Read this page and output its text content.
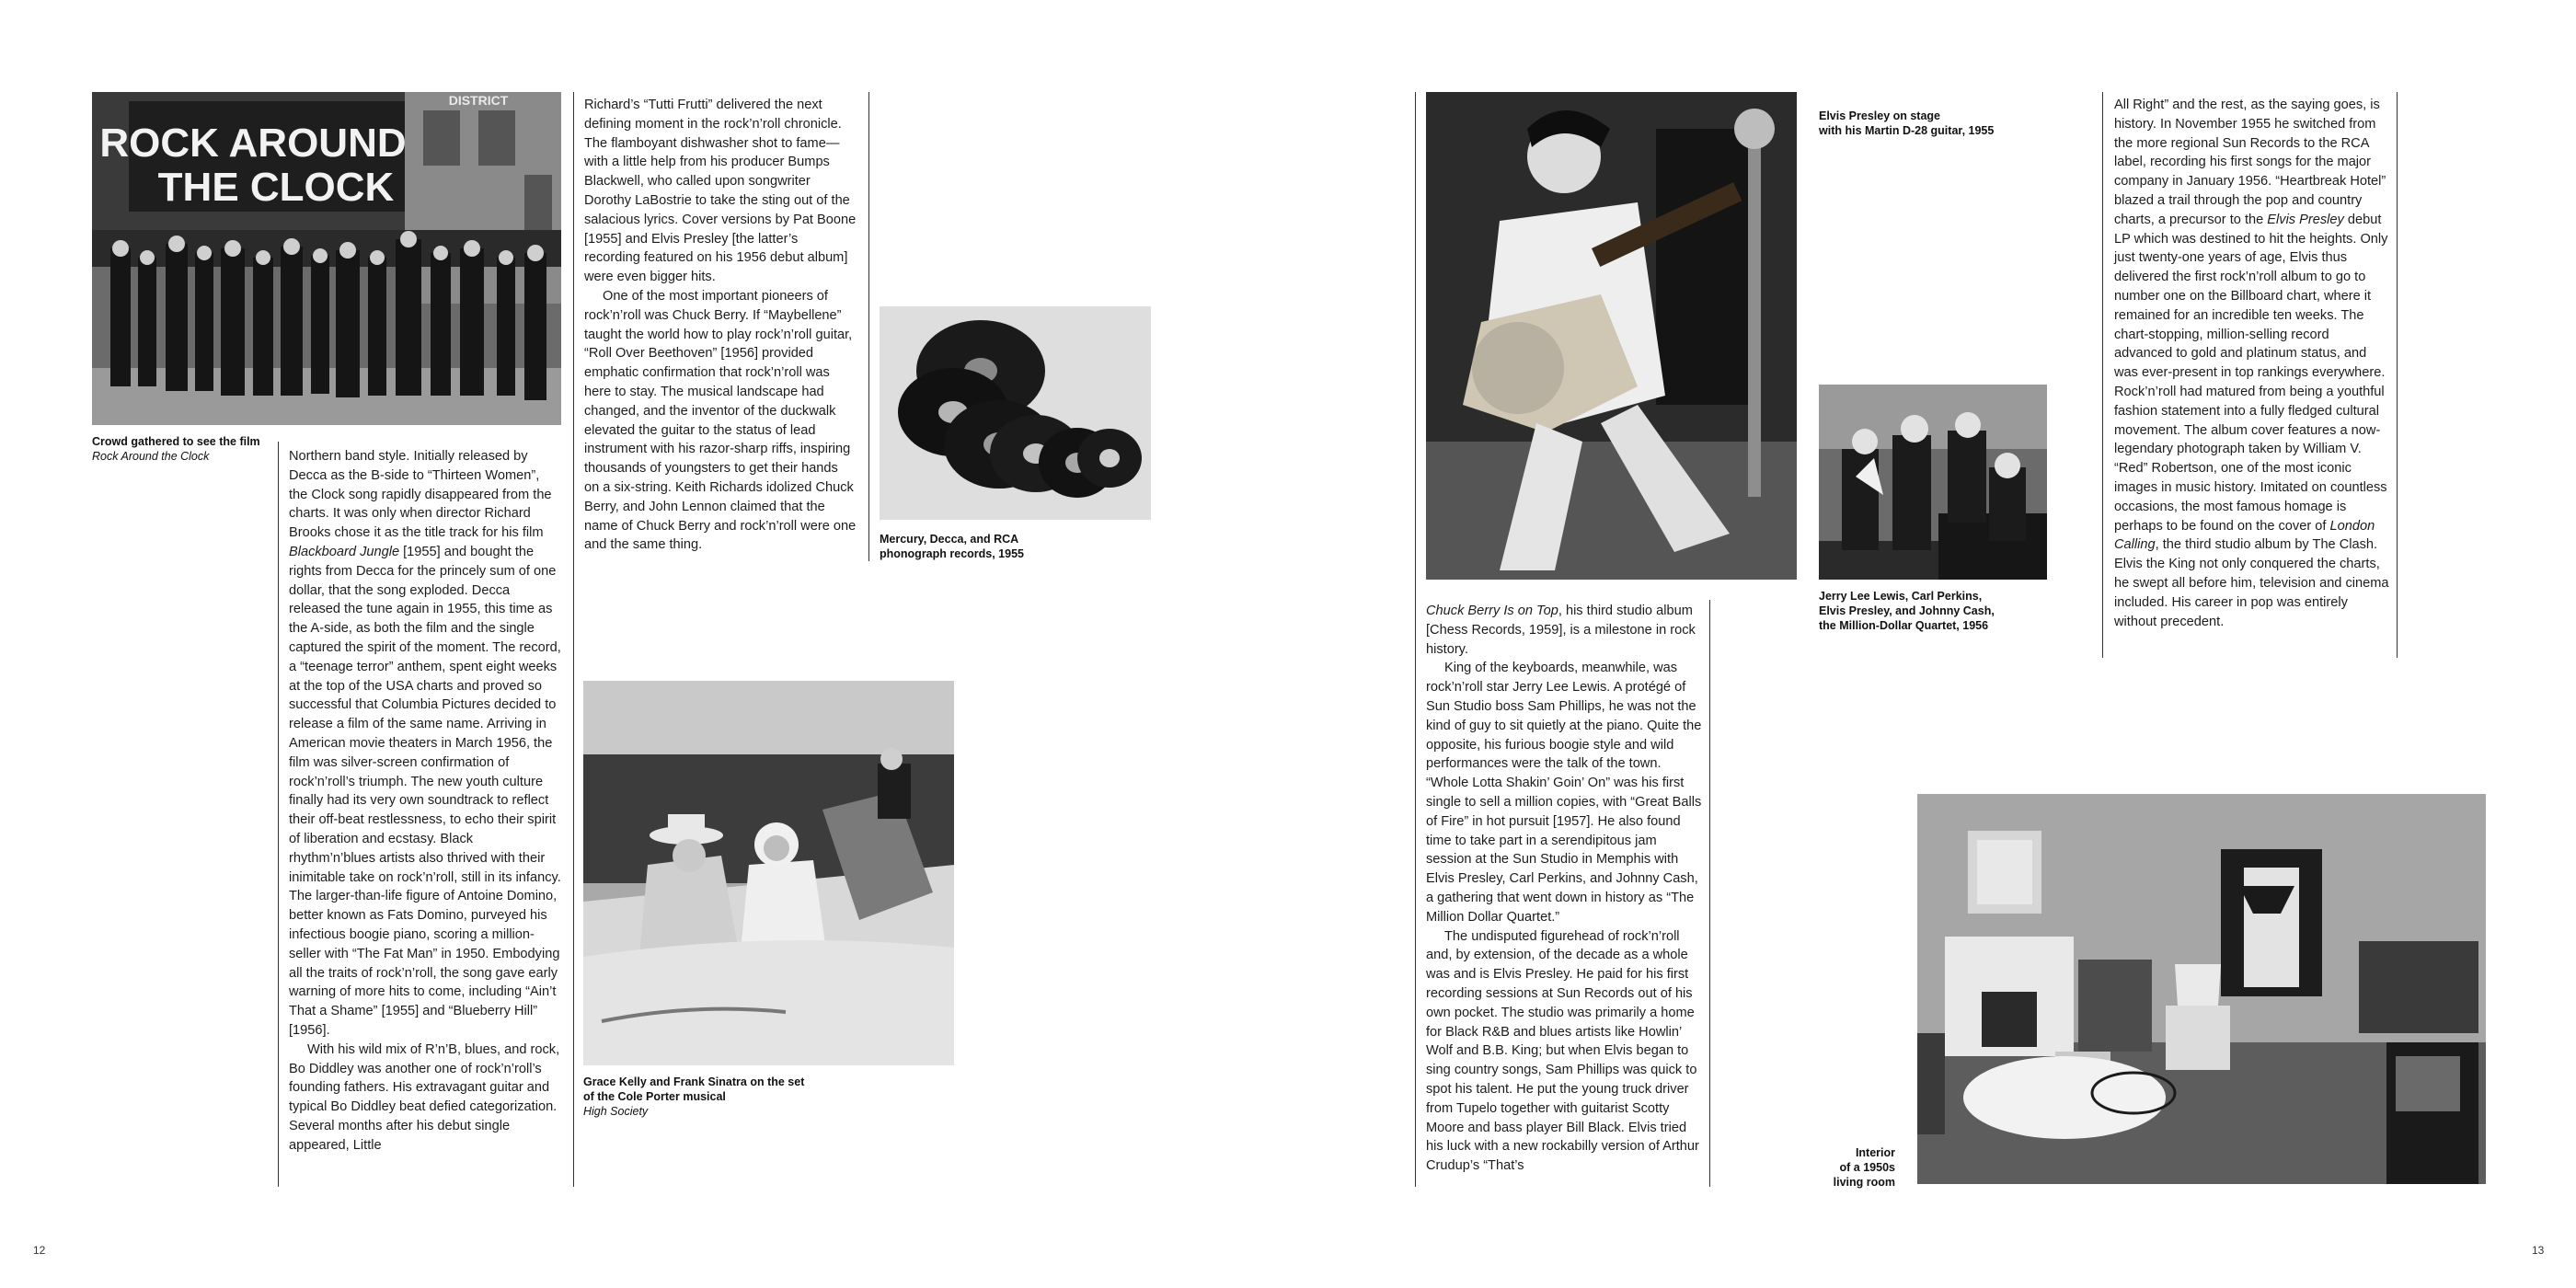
ROCK AROUND
THE CLOCK
DISTRICT
Crowd gathered to see the film
Rock Around the Clock	Northern band style. Initially released by Decca as the B-side to “Thirteen Women”, the Clock song rapidly disappeared from the charts. It was only when director Richard Brooks chose it as the title track for his film Blackboard Jungle [1955] and bought the rights from Decca for the princely sum of one dollar, that the song exploded. Decca released the tune again in 1955, this time as the A-side, as both the film and the single captured the spirit of the moment. The record, a “teenage terror” anthem, spent eight weeks at the top of the USA charts and proved so successful that Columbia Pictures decided to release a film of the same name. Arriving in American movie theaters in March 1956, the film was silver-screen confirmation of rock’n’roll’s triumph. The new youth culture finally had its very own soundtrack to reflect their off-beat restlessness, to echo their spirit of liberation and ecstasy. Black rhythm’n’blues artists also thrived with their inimitable take on rock’n’roll, still in its infancy. The larger-than-life figure of Antoine Domino, better known as Fats Domino, purveyed his infectious boogie piano, scoring a million-seller with “The Fat Man” in 1950. Embodying all the traits of rock’n’roll, the song gave early warning of more hits to come, including “Ain’t That a Shame” [1955] and “Blueberry Hill” [1956].

With his wild mix of R’n’B, blues, and rock, Bo Diddley was another one of rock’n’roll’s founding fathers. His extravagant guitar and typical Bo Diddley beat defied categorization. Several months after his debut single appeared, Little

Richard’s “Tutti Frutti” delivered the next defining moment in the rock’n’roll chronicle. The flamboyant dishwasher shot to fame—with a little help from his producer Bumps Blackwell, who called upon songwriter Dorothy LaBostrie to take the sting out of the salacious lyrics. Cover versions by Pat Boone [1955] and Elvis Presley [the latter’s recording featured on his 1956 debut album] were even bigger hits.

One of the most important pioneers of rock’n’roll was Chuck Berry. If “Maybellene” taught the world how to play rock’n’roll guitar, “Roll Over Beethoven” [1956] provided emphatic confirmation that rock’n’roll was here to stay. The musical landscape had changed, and the inventor of the duckwalk elevated the guitar to the status of lead instrument with his razor-sharp riffs, inspiring thousands of youngsters to get their hands on a six-string. Keith Richards idolized Chuck Berry, and John Lennon claimed that the name of Chuck Berry and rock’n’roll were one and the same thing.	Mercury, Decca, and RCA
phonograph records, 1955
Grace Kelly and Frank Sinatra on the set
of the Cole Porter musical
High Society
12
Elvis Presley on stage
with his Martin D-28 guitar, 1955
Jerry Lee Lewis, Carl Perkins,
Elvis Presley, and Johnny Cash,
the Million-Dollar Quartet, 1956

Chuck Berry Is on Top, his third studio album [Chess Records, 1959], is a milestone in rock history.

King of the keyboards, meanwhile, was rock’n’roll star Jerry Lee Lewis. A protégé of Sun Studio boss Sam Phillips, he was not the kind of guy to sit quietly at the piano. Quite the opposite, his furious boogie style and wild performances were the talk of the town. “Whole Lotta Shakin’ Goin’ On” was his first single to sell a million copies, with “Great Balls of Fire” in hot pursuit [1957]. He also found time to take part in a serendipitous jam session at the Sun Studio in Memphis with Elvis Presley, Carl Perkins, and Johnny Cash, a gathering that went down in history as “The Million Dollar Quartet.”

The undisputed figurehead of rock’n’roll and, by extension, of the decade as a whole was and is Elvis Presley. He paid for his first recording sessions at Sun Records out of his own pocket. The studio was primarily a home for Black R&B and blues artists like Howlin’ Wolf and B.B. King; but when Elvis began to sing country songs, Sam Phillips was quick to spot his talent. He put the young truck driver from Tupelo together with guitarist Scotty Moore and bass player Bill Black. Elvis tried his luck with a new rockabilly version of Arthur Crudup’s “That’s

All Right” and the rest, as the saying goes, is history. In November 1955 he switched from the more regional Sun Records to the RCA label, recording his first songs for the major company in January 1956. “Heartbreak Hotel” blazed a trail through the pop and country charts, a precursor to the Elvis Presley debut LP which was destined to hit the heights. Only just twenty-one years of age, Elvis thus delivered the first rock’n’roll album to go to number one on the Billboard chart, where it remained for an incredible ten weeks. The chart-stopping, million-selling record advanced to gold and platinum status, and was ever-present in top rankings everywhere. Rock’n’roll had matured from being a youthful fashion statement into a fully fledged cultural movement. The album cover features a now-legendary photograph taken by William V. “Red” Robertson, one of the most iconic images in music history. Imitated on countless occasions, the most famous homage is perhaps to be found on the cover of London Calling, the third studio album by The Clash. Elvis the King not only conquered the charts, he swept all before him, television and cinema included. His career in pop was entirely without precedent.

Interior
of a 1950s
living room
13
